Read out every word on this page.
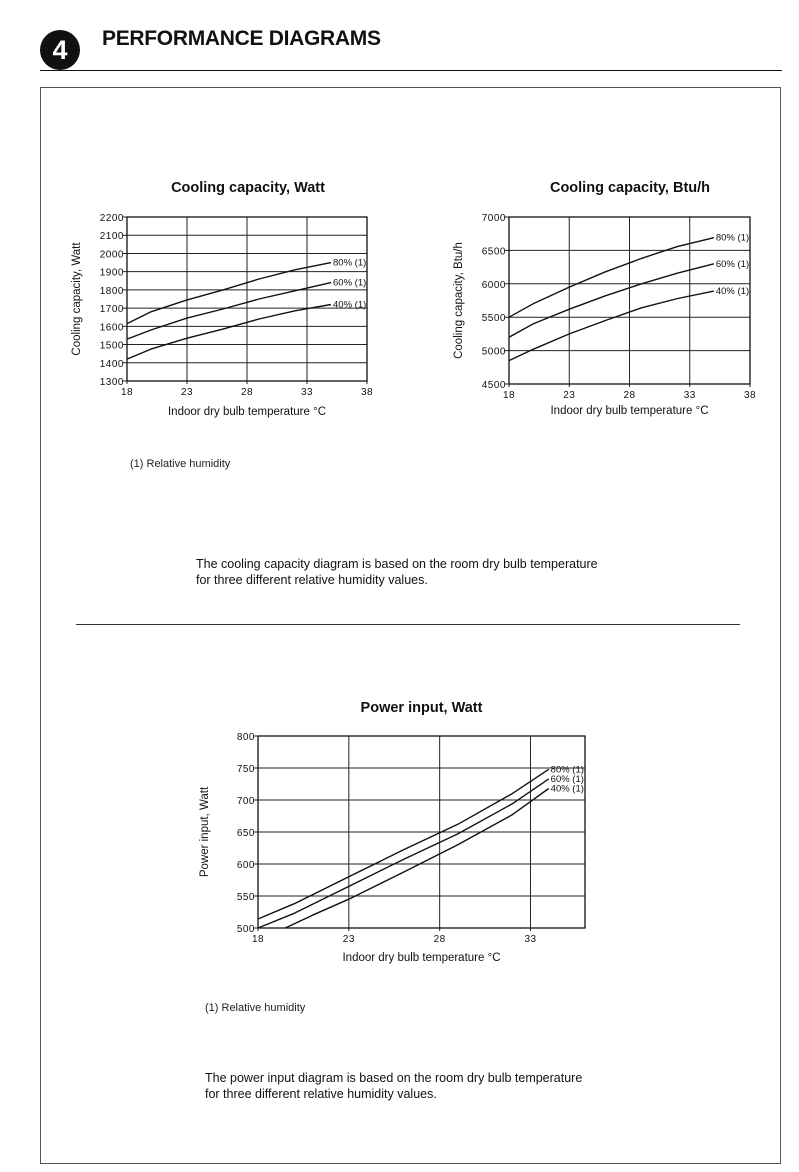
4	PERFORMANCE DIAGRAMS
Cooling capacity, Watt	Cooling capacity, Btu/h
Power input, Watt
(1) Relative humidity
The cooling capacity diagram is based on the room dry bulb temperature
for three different relative humidity values.
(1) Relative humidity
The power input diagram is based on the room dry bulb temperature
for three different relative humidity values.
1300
1400
1500
1600
1700
1800
1900
2000
2100
2200
18	23	28	33	38
Indoor dry bulb temperature °C
Cooling capacity, Watt	80% (1)
60% (1)
40% (1)
4500
5000
5500
6000
6500
7000
18	23	28	33	38
Indoor dry bulb temperature °C
Cooling capacity, Btu/h
80% (1)
60% (1)
40% (1)
500
550
600
650
700
750
800
18	23	28	33
Indoor dry bulb temperature °C
Power input, Watt
80% (1)
60% (1)
40% (1)
